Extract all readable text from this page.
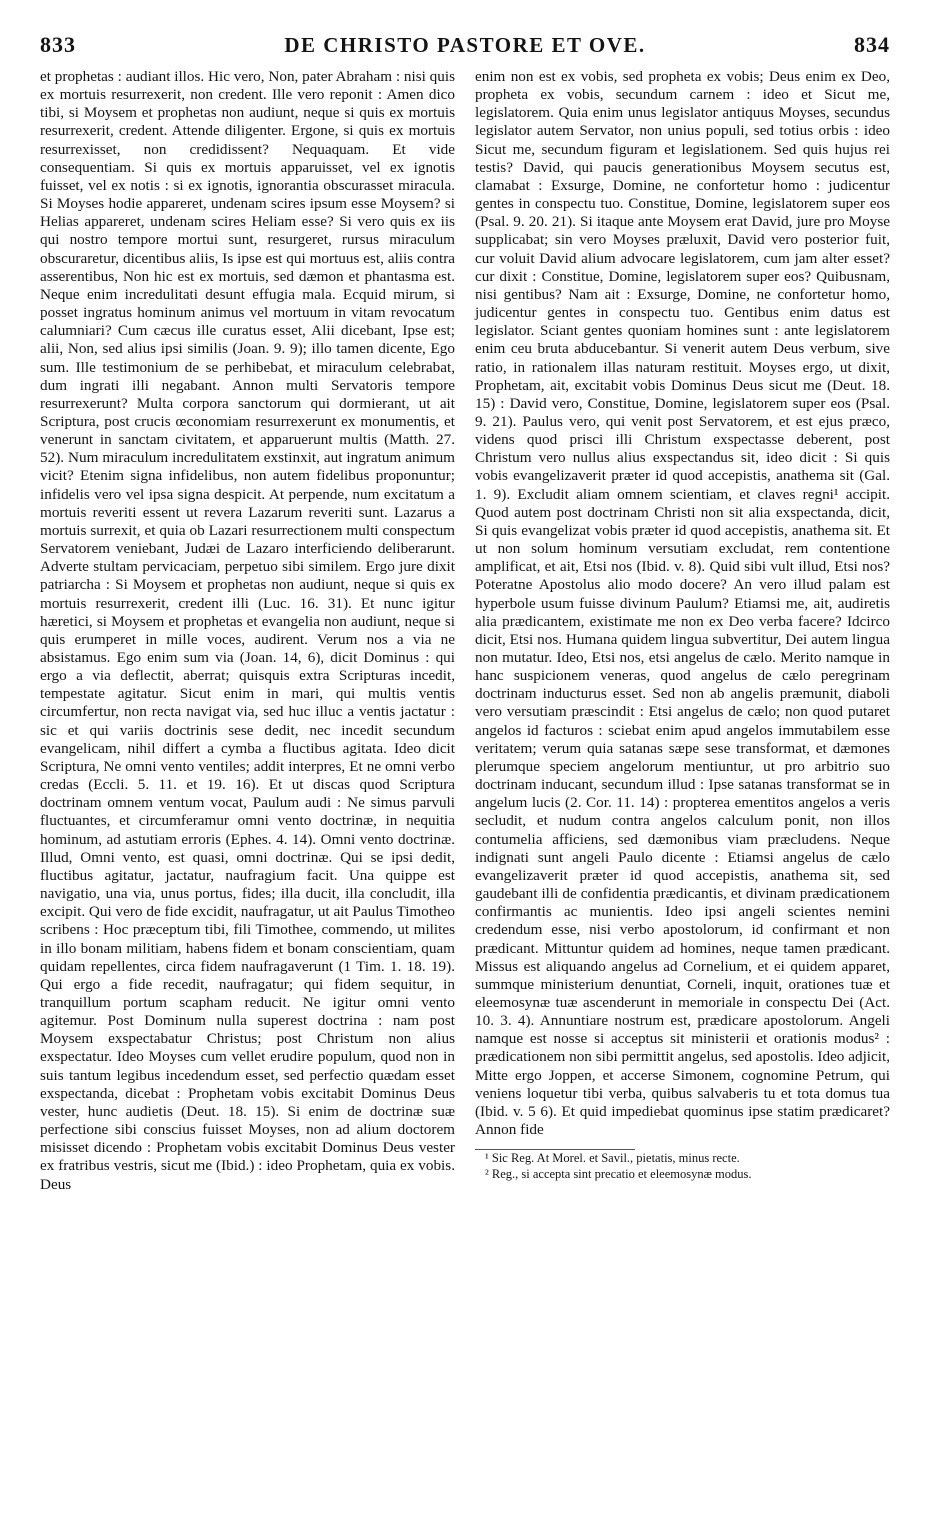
833	DE CHRISTO PASTORE ET OVE.	834

et prophetas : audiant illos. Hic vero, Non, pater Abraham : nisi quis ex mortuis resurrexerit, non credent. Ille vero reponit : Amen dico tibi, si Moysem et prophetas non audiunt, neque si quis ex mortuis resurrexerit, credent. Attende diligenter. Ergone, si quis ex mortuis resurrexisset, non credidissent? Nequaquam. Et vide consequentiam. Si quis ex mortuis apparuisset, vel ex ignotis fuisset, vel ex notis : si ex ignotis, ignorantia obscurasset miracula. Si Moyses hodie appareret, undenam scires ipsum esse Moysem? si Helias appareret, undenam scires Heliam esse? Si vero quis ex iis qui nostro tempore mortui sunt, resurgeret, rursus miraculum obscuraretur, dicentibus aliis, Is ipse est qui mortuus est, aliis contra asserentibus, Non hic est ex mortuis, sed dæmon et phantasma est. Neque enim incredulitati desunt effugia mala. Ecquid mirum, si posset ingratus hominum animus vel mortuum in vitam revocatum calumniari? Cum cæcus ille curatus esset, Alii dicebant, Ipse est; alii, Non, sed alius ipsi similis (Joan. 9. 9); illo tamen dicente, Ego sum. Ille testimonium de se perhibebat, et miraculum celebrabat, dum ingrati illi negabant. Annon multi Servatoris tempore resurrexerunt? Multa corpora sanctorum qui dormierant, ut ait Scriptura, post crucis œconomiam resurrexerunt ex monumentis, et venerunt in sanctam civitatem, et apparuerunt multis (Matth. 27. 52). Num miraculum incredulitatem exstinxit, aut ingratum animum vicit? Etenim signa infidelibus, non autem fidelibus proponuntur; infidelis vero vel ipsa signa despicit. At perpende, num excitatum a mortuis reveriti essent ut revera Lazarum reveriti sunt. Lazarus a mortuis surrexit, et quia ob Lazari resurrectionem multi conspectum Servatorem veniebant, Judæi de Lazaro interficiendo deliberarunt. Adverte stultam pervicaciam, perpetuo sibi similem. Ergo jure dixit patriarcha : Si Moysem et prophetas non audiunt, neque si quis ex mortuis resurrexerit, credent illi (Luc. 16. 31). Et nunc igitur hæretici, si Moysem et prophetas et evangelia non audiunt, neque si quis erumperet in mille voces, audirent. Verum nos a via ne absistamus. Ego enim sum via (Joan. 14, 6), dicit Dominus : qui ergo a via deflectit, aberrat; quisquis extra Scripturas incedit, tempestate agitatur. Sicut enim in mari, qui multis ventis circumfertur, non recta navigat via, sed huc illuc a ventis jactatur : sic et qui variis doctrinis sese dedit, nec incedit secundum evangelicam, nihil differt a cymba a fluctibus agitata. Ideo dicit Scriptura, Ne omni vento ventiles; addit interpres, Et ne omni verbo credas (Eccli. 5. 11. et 19. 16). Et ut discas quod Scriptura doctrinam omnem ventum vocat, Paulum audi : Ne simus parvuli fluctuantes, et circumferamur omni vento doctrinæ, in nequitia hominum, ad astutiam erroris (Ephes. 4. 14). Omni vento doctrinæ. Illud, Omni vento, est quasi, omni doctrinæ. Qui se ipsi dedit, fluctibus agitatur, jactatur, naufragium facit. Una quippe est navigatio, una via, unus portus, fides; illa ducit, illa concludit, illa excipit. Qui vero de fide excidit, naufragatur, ut ait Paulus Timotheo scribens : Hoc præceptum tibi, fili Timothee, commendo, ut milites in illo bonam militiam, habens fidem et bonam conscientiam, quam quidam repellentes, circa fidem naufragaverunt (1 Tim. 1. 18. 19). Qui ergo a fide recedit, naufragatur; qui fidem sequitur, in tranquillum portum scapham reducit. Ne igitur omni vento agitemur. Post Dominum nulla superest doctrina : nam post Moysem exspectabatur Christus; post Christum non alius exspectatur. Ideo Moyses cum vellet erudire populum, quod non in suis tantum legibus incedendum esset, sed perfectio quædam esset exspectanda, dicebat : Prophetam vobis excitabit Dominus Deus vester, hunc audietis (Deut. 18. 15). Si enim de doctrinæ suæ perfectione sibi conscius fuisset Moyses, non ad alium doctorem misisset dicendo : Prophetam vobis excitabit Dominus Deus vester ex fratribus vestris, sicut me (Ibid.) : ideo Prophetam, quia ex vobis. Deus

enim non est ex vobis, sed propheta ex vobis; Deus enim ex Deo, propheta ex vobis, secundum carnem : ideo et Sicut me, legislatorem. Quia enim unus legislator antiquus Moyses, secundus legislator autem Servator, non unius populi, sed totius orbis : ideo Sicut me, secundum figuram et legislationem. Sed quis hujus rei testis? David, qui paucis generationibus Moysem secutus est, clamabat : Exsurge, Domine, ne confortetur homo : judicentur gentes in conspectu tuo. Constitue, Domine, legislatorem super eos (Psal. 9. 20. 21). Si itaque ante Moysem erat David, jure pro Moyse supplicabat; sin vero Moyses præluxit, David vero posterior fuit, cur voluit David alium advocare legislatorem, cum jam alter esset? cur dixit : Constitue, Domine, legislatorem super eos? Quibusnam, nisi gentibus? Nam ait : Exsurge, Domine, ne confortetur homo, judicentur gentes in conspectu tuo. Gentibus enim datus est legislator. Sciant gentes quoniam homines sunt : ante legislatorem enim ceu bruta abducebantur. Si venerit autem Deus verbum, sive ratio, in rationalem illas naturam restituit. Moyses ergo, ut dixit, Prophetam, ait, excitabit vobis Dominus Deus sicut me (Deut. 18. 15) : David vero, Constitue, Domine, legislatorem super eos (Psal. 9. 21). Paulus vero, qui venit post Servatorem, et est ejus præco, videns quod prisci illi Christum exspectasse deberent, post Christum vero nullus alius exspectandus sit, ideo dicit : Si quis vobis evangelizaverit præter id quod accepistis, anathema sit (Gal. 1. 9). Excludit aliam omnem scientiam, et claves regni¹ accipit. Quod autem post doctrinam Christi non sit alia exspectanda, dicit, Si quis evangelizat vobis præter id quod accepistis, anathema sit. Et ut non solum hominum versutiam excludat, rem contentione amplificat, et ait, Etsi nos (Ibid. v. 8). Quid sibi vult illud, Etsi nos? Poteratne Apostolus alio modo docere? An vero illud palam est hyperbole usum fuisse divinum Paulum? Etiamsi me, ait, audiretis alia prædicantem, existimate me non ex Deo verba facere? Idcirco dicit, Etsi nos. Humana quidem lingua subvertitur, Dei autem lingua non mutatur. Ideo, Etsi nos, etsi angelus de cælo. Merito namque in hanc suspicionem veneras, quod angelus de cælo peregrinam doctrinam inducturus esset. Sed non ab angelis præmunit, diaboli vero versutiam præscindit : Etsi angelus de cælo; non quod putaret angelos id facturos : sciebat enim apud angelos immutabilem esse veritatem; verum quia satanas sæpe sese transformat, et dæmones plerumque speciem angelorum mentiuntur, ut pro arbitrio suo doctrinam inducant, secundum illud : Ipse satanas transformat se in angelum lucis (2. Cor. 11. 14) : propterea ementitos angelos a veris secludit, et nudum contra angelos calculum ponit, non illos contumelia afficiens, sed dæmonibus viam præcludens. Neque indignati sunt angeli Paulo dicente : Etiamsi angelus de cælo evangelizaverit præter id quod accepistis, anathema sit, sed gaudebant illi de confidentia prædicantis, et divinam prædicationem confirmantis ac munientis. Ideo ipsi angeli scientes nemini credendum esse, nisi verbo apostolorum, id confirmant et non prædicant. Mittuntur quidem ad homines, neque tamen prædicant. Missus est aliquando angelus ad Cornelium, et ei quidem apparet, summque ministerium denuntiat, Corneli, inquit, orationes tuæ et eleemosynæ tuæ ascenderunt in memoriale in conspectu Dei (Act. 10. 3. 4). Annuntiare nostrum est, prædicare apostolorum. Angeli namque est nosse si acceptus sit ministerii et orationis modus² : prædicationem non sibi permittit angelus, sed apostolis. Ideo adjicit, Mitte ergo Joppen, et accerse Simonem, cognomine Petrum, qui veniens loquetur tibi verba, quibus salvaberis tu et tota domus tua (Ibid. v. 5 6). Et quid impediebat quominus ipse statim prædicaret? Annon fide

¹ Sic Reg. At Morel. et Savil., pietatis, minus recte.

² Reg., si accepta sint precatio et eleemosynæ modus.
